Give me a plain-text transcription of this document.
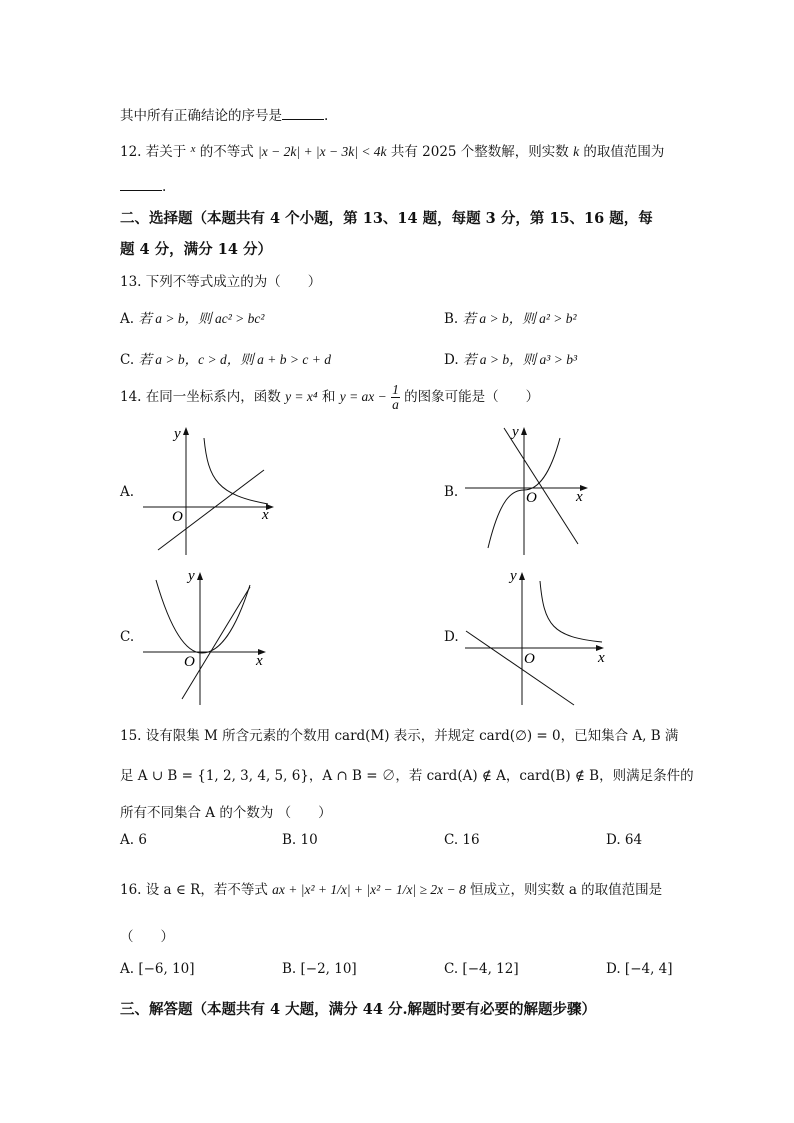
其中所有正确结论的序号是	.
12. 若关于 $^x$ 的不等式 |x − 2k| + |x − 3k| < 4k 共有 2025 个整数解，则实数 k 的取值范围为
.
二、选择题（本题共有 4 个小题，第 13、14 题，每题 3 分，第 15、16 题，每
题 4 分，满分 14 分）
13. 下列不等式成立的为（　　）
A. 若 a > b，则 ac² > bc²	B. 若 a > b，则 a² > b²
C. 若 a > b，c > d，则 a + b > c + d	D. 若 a > b，则 a³ > b³
14. 在同一坐标系内，函数 y = x⁴ 和 y = ax − $\frac{1}{a}$ 的图象可能是（　　）
A.
y
x
O
B.
y
x
O
C.
y
x
O
D.
y
x
O
15. 设有限集 M 所含元素的个数用 card(M) 表示，并规定 card(∅) = 0，已知集合 A, B 满
足 A ∪ B = {1, 2, 3, 4, 5, 6}，A ∩ B = ∅，若 card(A) ∉ A，card(B) ∉ B，则满足条件的
所有不同集合 A 的个数为 （　　）
A. 6	B. 10	C. 16	D. 64
16. 设 a ∈ R，若不等式 ax + |x² + 1/x| + |x² − 1/x| ≥ 2x − 8 恒成立，则实数 a 的取值范围是
（　　）
A. [−6, 10]	B. [−2, 10]	C. [−4, 12]	D. [−4, 4]
三、解答题（本题共有 4 大题，满分 44 分.解题时要有必要的解题步骤）
